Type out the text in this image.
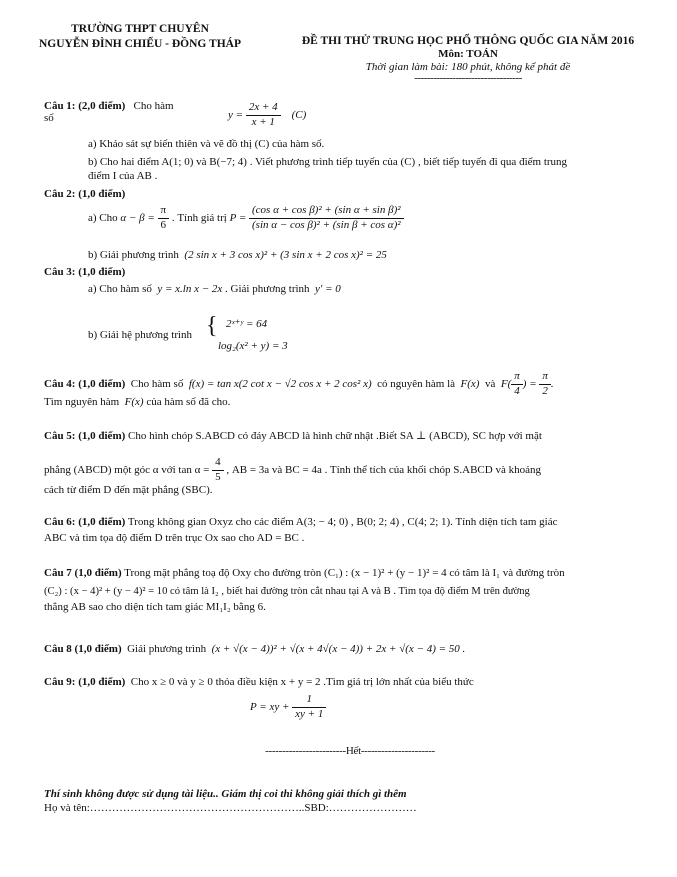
TRƯỜNG THPT CHUYÊN
NGUYỄN ĐÌNH CHIỂU - ĐỒNG THÁP	ĐỀ THI THỬ TRUNG HỌC PHỔ THÔNG QUỐC GIA NĂM 2016
Môn: TOÁN
Thời gian làm bài: 180 phút, không kể phát đề
----------------------------------
Câu 1: (2,0 điểm) Cho hàm
số	$y = \frac{2x + 4}{x + 1} (C)$
a) Khảo sát sự biến thiên và vẽ đồ thị (C) của hàm số.
b) Cho hai điểm A(1; 0) và B(−7; 4) . Viết phương trình tiếp tuyến của (C) , biết tiếp tuyến đi qua điểm trung
điểm I của AB .
Câu 2: (1,0 điểm)
a) Cho $\alpha - \beta = \frac{\pi}{6}$ . Tính giá trị $P = \frac{\text{(cos α + cos β)² + (sin α + sin β)²}}{\text{(sin α − cos β)² + (sin β + cos α)²}}$
b) Giải phương trình (2 sin x + 3 cos x)² + (3 sin x + 2 cos x)² = 25
Câu 3: (1,0 điểm)
a) Cho hàm số y = x.ln x − 2x . Giải phương trình y′ = 0
b) Giải hệ phương trình { 2ˣ⁺ʸ = 64
log₂(x² + y) = 3
Câu 4: (1,0 điểm) Cho hàm số f(x) = tan x(2 cot x − √2 cos x + 2 cos² x) có nguyên hàm là F(x) và $F( \frac{\pi}{4}$ ) = $\frac{\pi}{2}$ .
Tìm nguyên hàm F(x) của hàm số đã cho.
Câu 5: (1,0 điểm) Cho hình chóp S.ABCD có đáy ABCD là hình chữ nhật .Biết SA ⊥ (ABCD), SC hợp với mặt
phẳng (ABCD) một góc α với $\tan \alpha = \frac{4}{5}$ , AB = 3a và BC = 4a . Tính thể tích của khối chóp S.ABCD và khoảng
cách từ điểm D đến mặt phẳng (SBC).
Câu 6: (1,0 điểm) Trong không gian Oxyz cho các điểm A(3; − 4; 0) , B(0; 2; 4) , C(4; 2; 1). Tính diện tích tam giác
ABC và tìm tọa độ điểm D trên trục Ox sao cho AD = BC .
Câu 7 (1,0 điểm) Trong mặt phẳng toạ độ Oxy cho đường tròn (C₁) : (x − 1)² + (y − 1)² = 4 có tâm là I₁ và đường tròn
(C₂) : (x − 4)² + (y − 4)² = 10 có tâm là I₂ , biết hai đường tròn cắt nhau tại A và B . Tìm tọa độ điểm M trên đường
thẳng AB sao cho diện tích tam giác MI₁I₂ bằng 6.
Câu 8 (1,0 điểm) Giải phương trình (x + √(x − 4))² + √(x + 4√(x − 4)) + 2x + √(x − 4) = 50 .
Câu 9: (1,0 điểm) Cho x ≥ 0 và y ≥ 0 thỏa điều kiện x + y = 2 .Tìm giá trị lớn nhất của biểu thức
P = xy + $\frac{1}{xy + 1}$
------------------------Hết----------------------
Thí sinh không được sử dụng tài liệu.. Giám thị coi thi không giải thích gì thêm
Họ và tên:…………………………………………………..SBD:……………………
